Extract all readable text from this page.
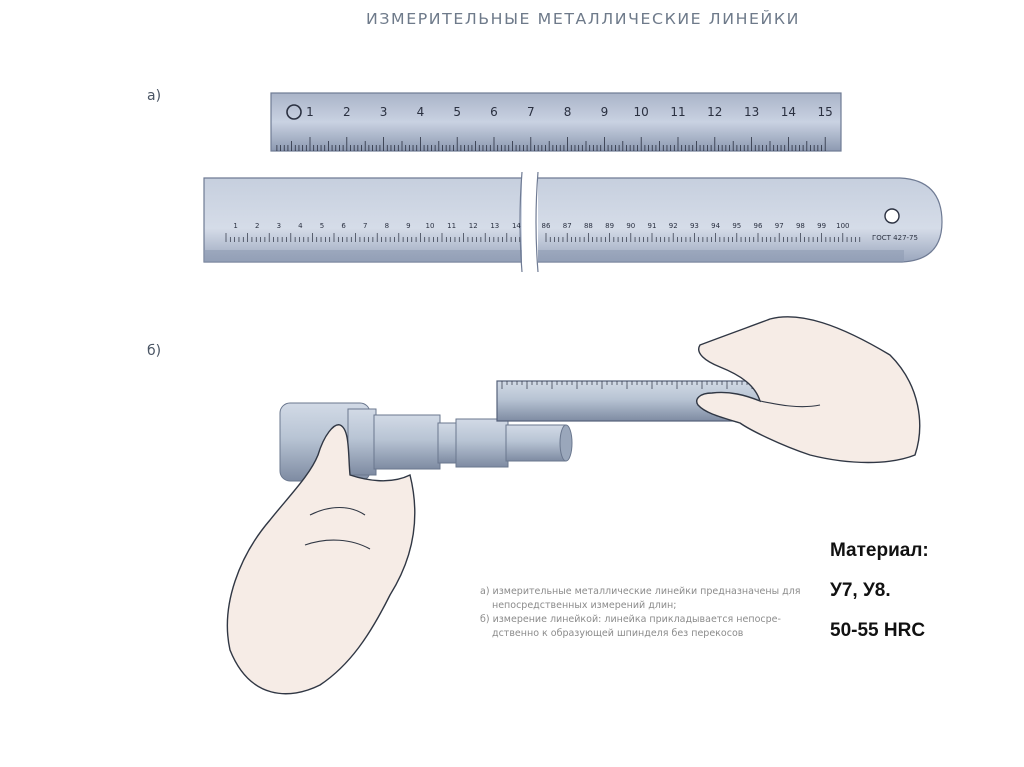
ИЗМЕРИТЕЛЬНЫЕ МЕТАЛЛИЧЕСКИЕ ЛИНЕЙКИ
а)
б)
1 2 3 4 5 6 7 8 9 10 11 12 13 14 15
ГОСТ 427-75
1 2 3 4 5 6 7 8 9 10 11 12 13 14	86 87 88 89 90 91 92 93 94 95 96 97 98 99 100
а) измерительные металлические линейки предназначены для
непосредственных измерений длин;
б) измерение линейкой: линейка прикладывается непосре-
дственно к образующей шпинделя без перекосов
Материал:
У7, У8.
50-55 HRC
